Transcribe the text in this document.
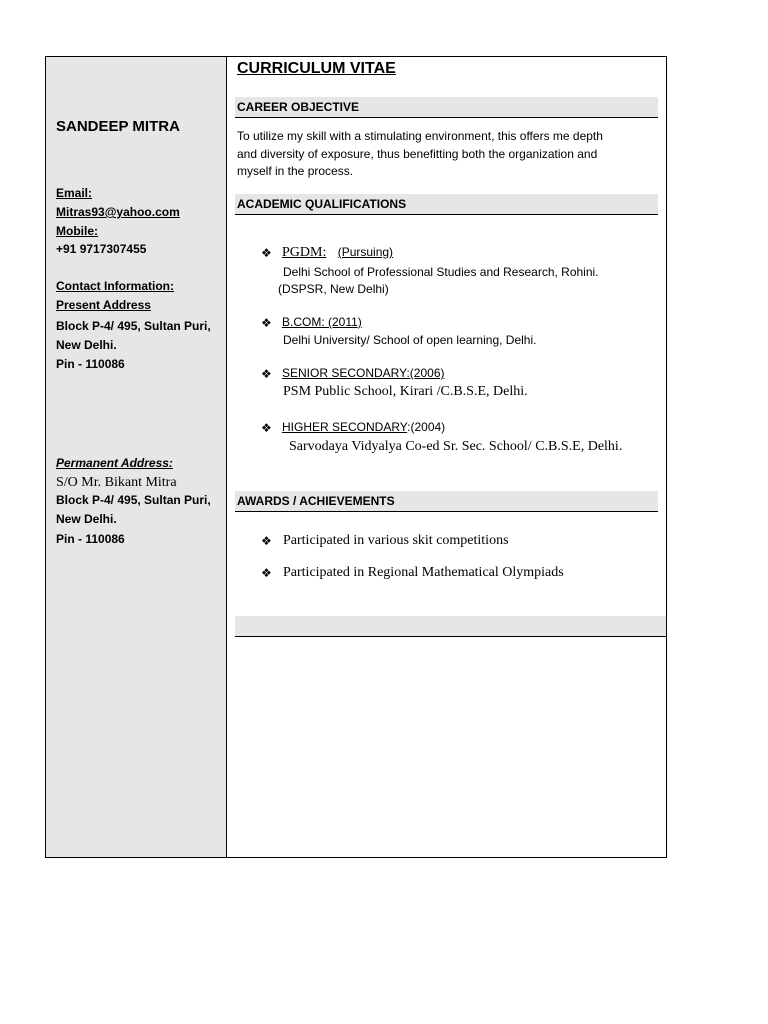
SANDEEP MITRA
Email:
Mitras93@yahoo.com
Mobile:
+91 9717307455
Contact Information:
Present Address
Block P-4/ 495, Sultan Puri,
New Delhi.
Pin - 110086
Permanent Address:
S/O Mr. Bikant Mitra
Block P-4/ 495, Sultan Puri,
New Delhi.
Pin - 110086
CURRICULUM VITAE
CAREER OBJECTIVE
To utilize my skill with a stimulating environment, this offers me depth
and diversity of exposure, thus benefitting both the organization and
myself in the process.
ACADEMIC QUALIFICATIONS
❖ PGDM: (Pursuing)
Delhi School of Professional Studies and Research, Rohini.
(DSPSR, New Delhi)
❖ B.COM: (2011)
Delhi University/ School of open learning, Delhi.
❖ SENIOR SECONDARY:(2006)
PSM Public School, Kirari /C.B.S.E, Delhi.
❖ HIGHER SECONDARY:(2004)
Sarvodaya Vidyalya Co-ed Sr. Sec. School/ C.B.S.E, Delhi.
AWARDS / ACHIEVEMENTS
❖ Participated in various skit competitions
❖ Participated in Regional Mathematical Olympiads
